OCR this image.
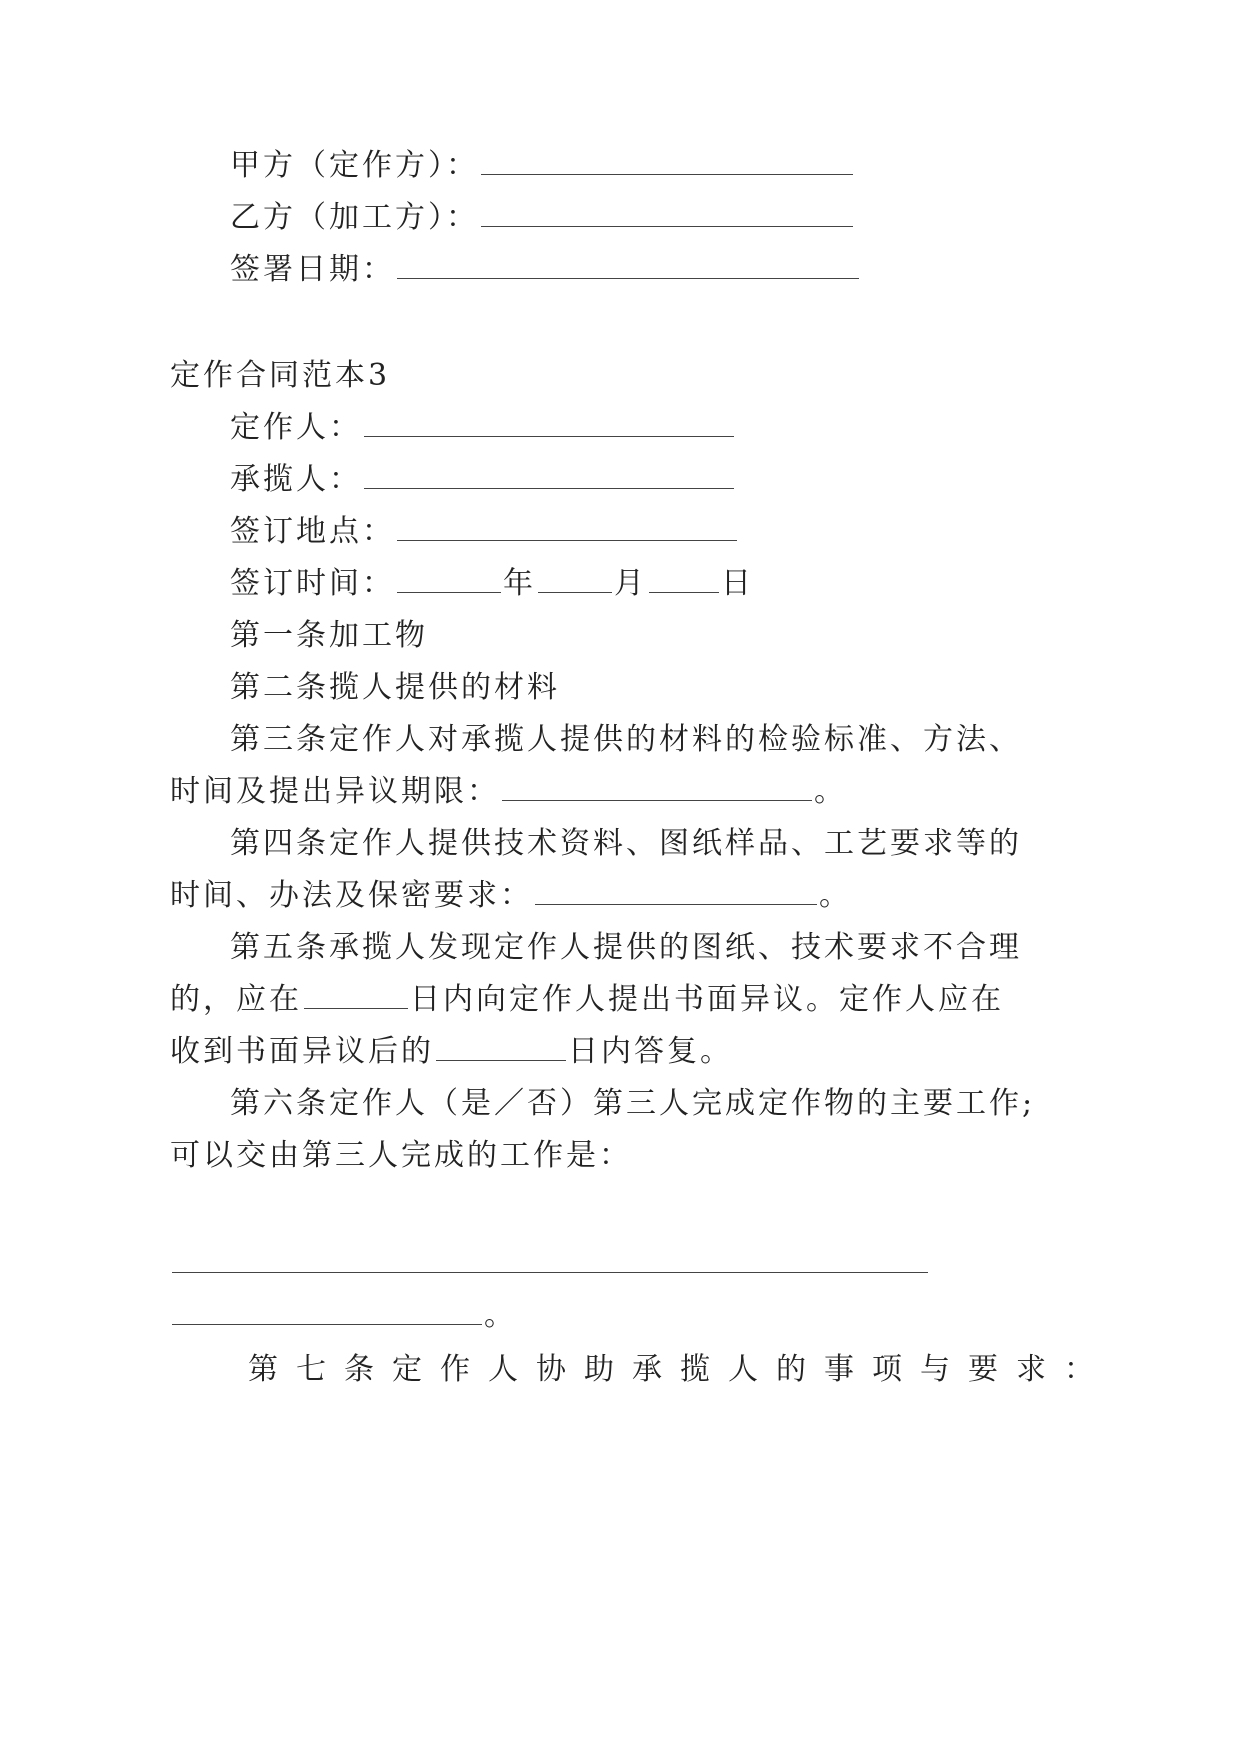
甲方（定作方）：

乙方（加工方）：

签署日期：

定作合同范本3

定作人：

承揽人：

签订地点：

签订时间：	年	月 日

第一条加工物

第二条揽人提供的材料

第三条定作人对承揽人提供的材料的检验标准、方法、

时间及提出异议期限：	。

第四条定作人提供技术资料、图纸样品、工艺要求等的

时间、办法及保密要求：	。

第五条承揽人发现定作人提供的图纸、技术要求不合理

的，应在	日内向定作人提出书面异议。定作人应在

收到书面异议后的	日内答复。

第六条定作人（是／否）第三人完成定作物的主要工作;

可以交由第三人完成的工作是：

。

第七条定作人协助承揽人的事项与要求：
